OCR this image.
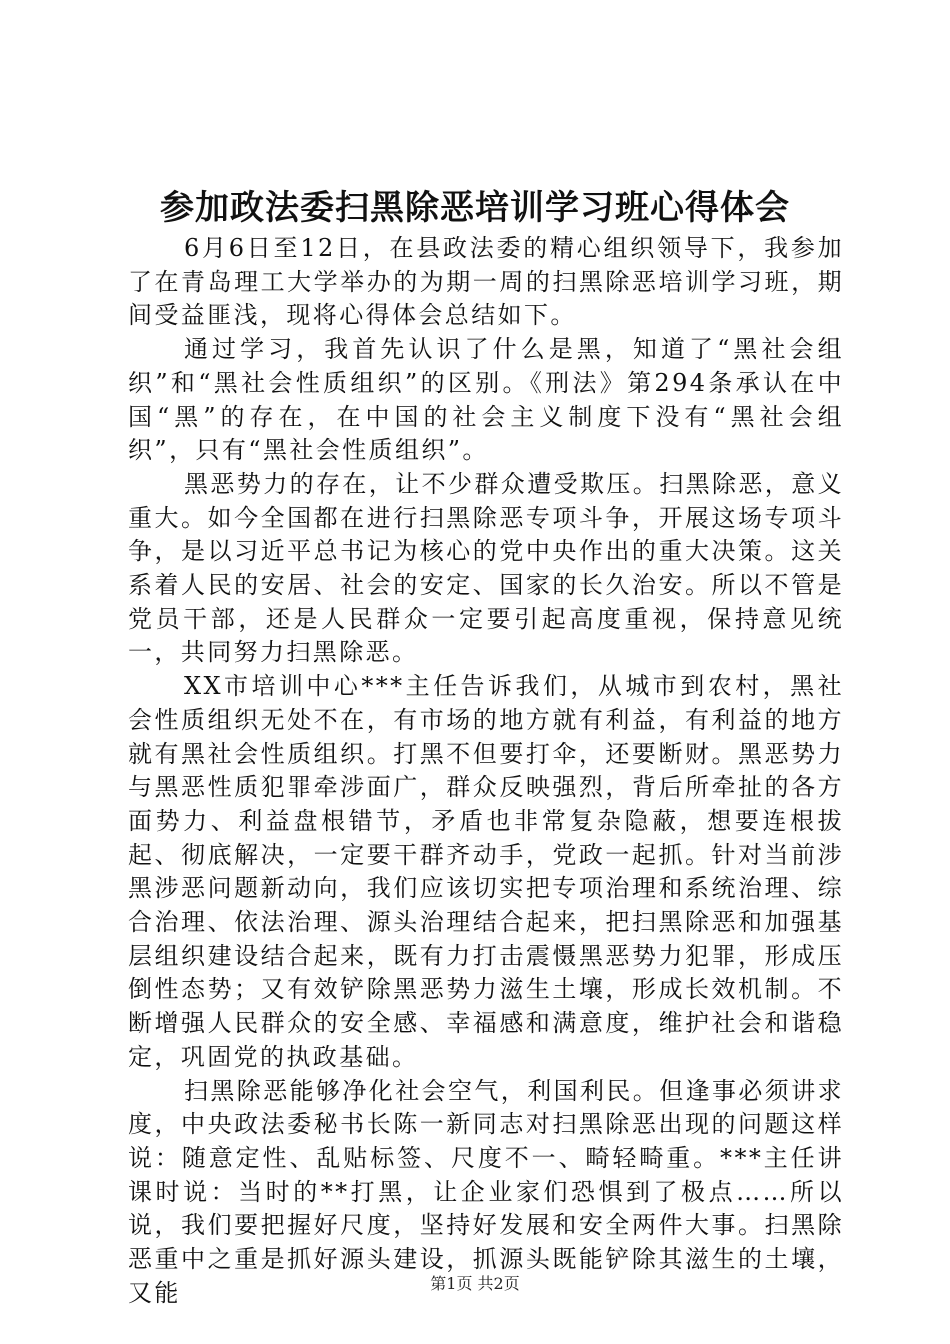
参加政法委扫黑除恶培训学习班心得体会

6月6日至12日，在县政法委的精心组织领导下，我参加了在青岛理工大学举办的为期一周的扫黑除恶培训学习班，期间受益匪浅，现将心得体会总结如下。

通过学习，我首先认识了什么是黑，知道了“黑社会组织”和“黑社会性质组织”的区别。《刑法》第294条承认在中国“黑”的存在，在中国的社会主义制度下没有“黑社会组织”，只有“黑社会性质组织”。

黑恶势力的存在，让不少群众遭受欺压。扫黑除恶，意义重大。如今全国都在进行扫黑除恶专项斗争，开展这场专项斗争，是以习近平总书记为核心的党中央作出的重大决策。这关系着人民的安居、社会的安定、国家的长久治安。所以不管是党员干部，还是人民群众一定要引起高度重视，保持意见统一，共同努力扫黑除恶。

XX市培训中心***主任告诉我们，从城市到农村，黑社会性质组织无处不在，有市场的地方就有利益，有利益的地方就有黑社会性质组织。打黑不但要打伞，还要断财。黑恶势力与黑恶性质犯罪牵涉面广，群众反映强烈，背后所牵扯的各方面势力、利益盘根错节，矛盾也非常复杂隐蔽，想要连根拔起、彻底解决，一定要干群齐动手，党政一起抓。针对当前涉黑涉恶问题新动向，我们应该切实把专项治理和系统治理、综合治理、依法治理、源头治理结合起来，把扫黑除恶和加强基层组织建设结合起来，既有力打击震慑黑恶势力犯罪，形成压倒性态势；又有效铲除黑恶势力滋生土壤，形成长效机制。不断增强人民群众的安全感、幸福感和满意度，维护社会和谐稳定，巩固党的执政基础。

扫黑除恶能够净化社会空气，利国利民。但逢事必须讲求度，中央政法委秘书长陈一新同志对扫黑除恶出现的问题这样说：随意定性、乱贴标签、尺度不一、畸轻畸重。***主任讲课时说：当时的**打黑，让企业家们恐惧到了极点……所以说，我们要把握好尺度，坚持好发展和安全两件大事。扫黑除恶重中之重是抓好源头建设，抓源头既能铲除其滋生的土壤，又能	第1页 共2页
